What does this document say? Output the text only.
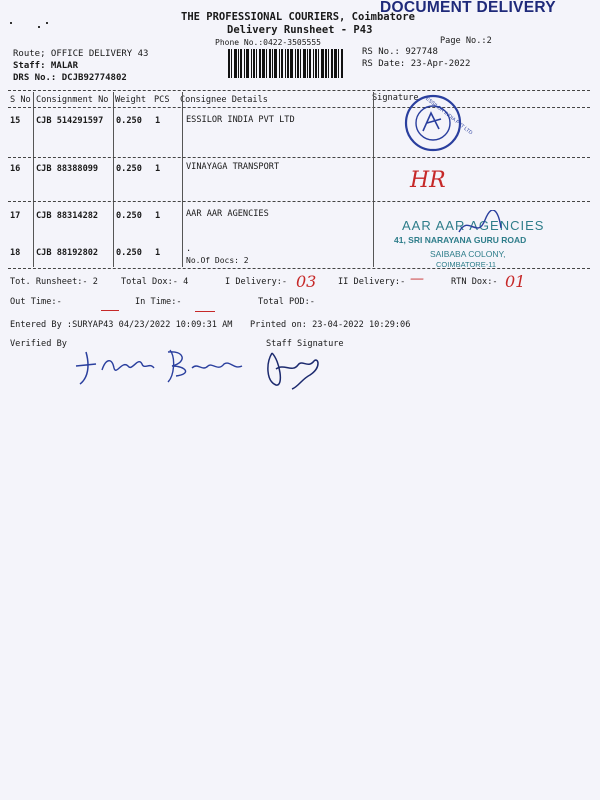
THE PROFESSIONAL COURIERS, Coimbatore
DOCUMENT DELIVERY
Delivery Runsheet - P43
Phone No.:0422-3505555	Page No.:2
Route; OFFICE DELIVERY 43
Staff: MALAR
DRS No.: DCJB92774802
RS No.: 927748
RS Date: 23-Apr-2022
S No Consignment No Weight PCS Consignee Details	Signature
15 CJB 514291597 0.250 1	ESSILOR INDIA PVT LTD
16 CJB 88388099 0.250 1	VINAYAGA TRANSPORT
17 CJB 88314282 0.250 1	AAR AAR AGENCIES
18 CJB 88192802 0.250 1	.
No.Of Docs: 2
ESSILOR INDIA PVT LTD
HR
AAR AAR AGENCIES
41, SRI NARAYANA GURU ROAD
SAIBABA COLONY,
COIMBATORE-11
Tot. Runsheet:- 2	Total Dox:- 4	I Delivery:- 03	II Delivery:- —	RTN Dox:- 01
Out Time:-	In Time:-	Total POD:-
Entered By :SURYAP43 04/23/2022 10:09:31 AM Printed on: 23-04-2022 10:29:06
Verified By	Staff Signature
